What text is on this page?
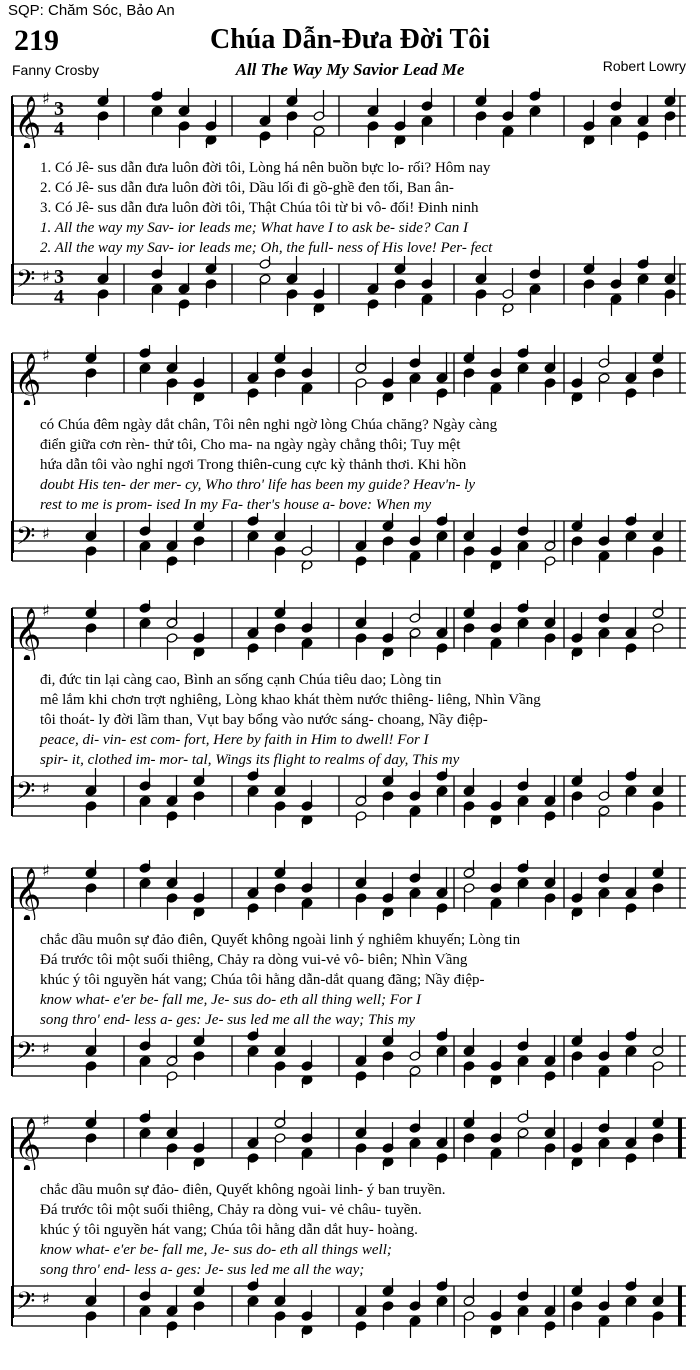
SQP: Chăm Sóc, Bảo An
219	Chúa Dẫn-Đưa Đời Tôi
Fanny Crosby	All The Way My Savior Lead Me	Robert Lowry
𝄞 ♯ 3
4
𝄢 ♯ 3
4
1. Có Jê- sus dẫn đưa luôn đời tôi, Lòng há nên buồn bực lo- rối? Hôm nay
2. Có Jê- sus dẫn đưa luôn đời tôi, Dầu lối đi gồ-ghề đen tối, Ban ân-
3. Có Jê- sus dẫn đưa luôn đời tôi, Thật Chúa tôi từ bi vô- đối! Đinh ninh
1. All the way my Sav- ior leads me; What have I to ask be- side? Can I
2. All the way my Sav- ior leads me; Oh, the full- ness of His love! Per- fect
𝄞 ♯
𝄢 ♯
có Chúa đêm ngày dắt chân, Tôi nên nghi ngờ lòng Chúa chăng? Ngày càng
điển giữa cơn rèn- thử tôi, Cho ma- na ngày ngày chẳng thôi; Tuy mệt
hứa dẫn tôi vào nghỉ ngơi Trong thiên-cung cực kỳ thảnh thơi. Khi hồn
doubt His ten- der mer- cy, Who thro' life has been my guide? Heav'n- ly
rest to me is prom- ised In my Fa- ther's house a- bove: When my
𝄞 ♯
𝄢 ♯
đi, đức tin lại càng cao, Bình an sống cạnh Chúa tiêu dao; Lòng tin
mê lắm khi chơn trợt nghiêng, Lòng khao khát thèm nước thiêng- liêng, Nhìn Vầng
tôi thoát- ly đời lầm than, Vụt bay bổng vào nước sáng- choang, Nầy điệp-
peace, di- vin- est com- fort, Here by faith in Him to dwell! For I
spir- it, clothed im- mor- tal, Wings its flight to realms of day, This my
𝄞 ♯
𝄢 ♯
chắc dầu muôn sự đảo điên, Quyết không ngoài linh ý nghiêm khuyến; Lòng tin
Đá trước tôi một suối thiêng, Chảy ra dòng vui-vẻ vô- biên; Nhìn Vầng
khúc ý tôi nguyền hát vang; Chúa tôi hằng dẫn-dắt quang đãng; Nầy điệp-
know what- e'er be- fall me, Je- sus do- eth all thing well; For I
song thro' end- less a- ges: Je- sus led me all the way; This my
𝄞 ♯
𝄢 ♯
chắc dầu muôn sự đảo- điên, Quyết không ngoài linh- ý ban truyền.
Đá trước tôi một suối thiêng, Chảy ra dòng vui- vẻ châu- tuyền.
khúc ý tôi nguyền hát vang; Chúa tôi hằng dẫn dắt huy- hoàng.
know what- e'er be- fall me, Je- sus do- eth all things well;
song thro' end- less a- ges: Je- sus led me all the way;
